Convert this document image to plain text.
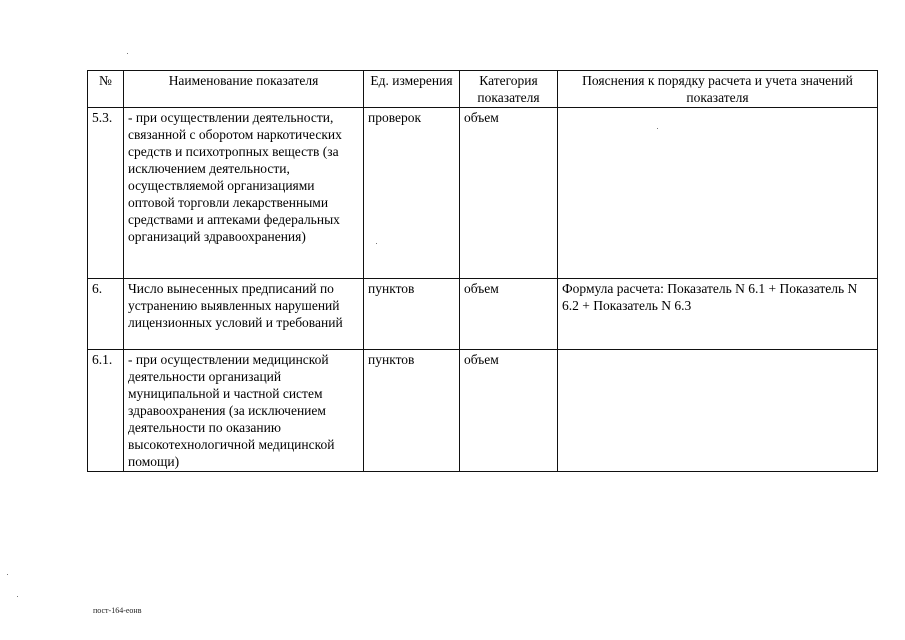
№	Наименование показателя	Ед. измерения	Категория показателя	Пояснения к порядку расчета и учета значений показателя
5.3.	- при осуществлении деятельности, связанной с оборотом наркотических средств и психотропных веществ (за исключением деятельности, осуществляемой организациями оптовой торговли лекарственными средствами и аптеками федеральных организаций здравоохранения)	проверок	объем	
6.	Число вынесенных предписаний по устранению выявленных нарушений лицензионных условий и требований	пунктов	объем	Формула расчета: Показатель N 6.1 + Показатель N 6.2 + Показатель N 6.3
6.1.	- при осуществлении медицинской деятельности организаций муниципальной и частной систем здравоохранения (за исключением деятельности по оказанию высокотехнологичной медицинской помощи)	пунктов	объем	
пост-164-еонв
